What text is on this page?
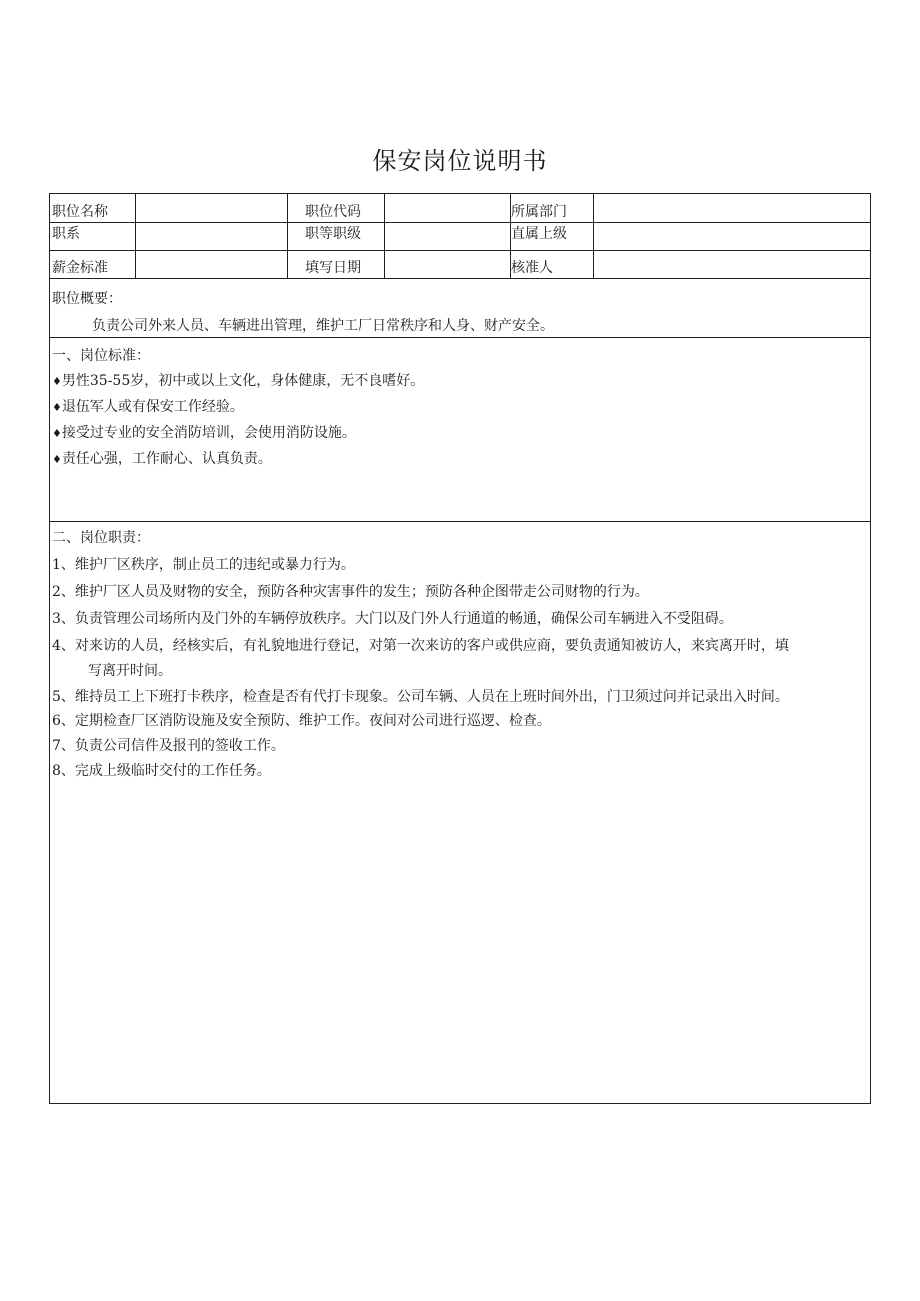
保安岗位说明书
职位名称	职位代码	所属部门
职系	职等职级	直属上级
薪金标准	填写日期	核准人
职位概要：
负责公司外来人员、车辆进出管理，维护工厂日常秩序和人身、财产安全。
一、岗位标准：
♦男性35-55岁，初中或以上文化，身体健康，无不良嗜好。
♦退伍军人或有保安工作经验。
♦接受过专业的安全消防培训，会使用消防设施。
♦责任心强，工作耐心、认真负责。
二、岗位职责：
1、维护厂区秩序，制止员工的违纪或暴力行为。
2、维护厂区人员及财物的安全，预防各种灾害事件的发生；预防各种企图带走公司财物的行为。
3、负责管理公司场所内及门外的车辆停放秩序。大门以及门外人行通道的畅通，确保公司车辆进入不受阻碍。
4、对来访的人员，经核实后，有礼貌地进行登记，对第一次来访的客户或供应商，要负责通知被访人，来宾离开时，填
写离开时间。
5、维持员工上下班打卡秩序，检查是否有代打卡现象。公司车辆、人员在上班时间外出，门卫须过问并记录出入时间。
6、定期检查厂区消防设施及安全预防、维护工作。夜间对公司进行巡逻、检查。
7、负责公司信件及报刊的签收工作。
8、完成上级临时交付的工作任务。
